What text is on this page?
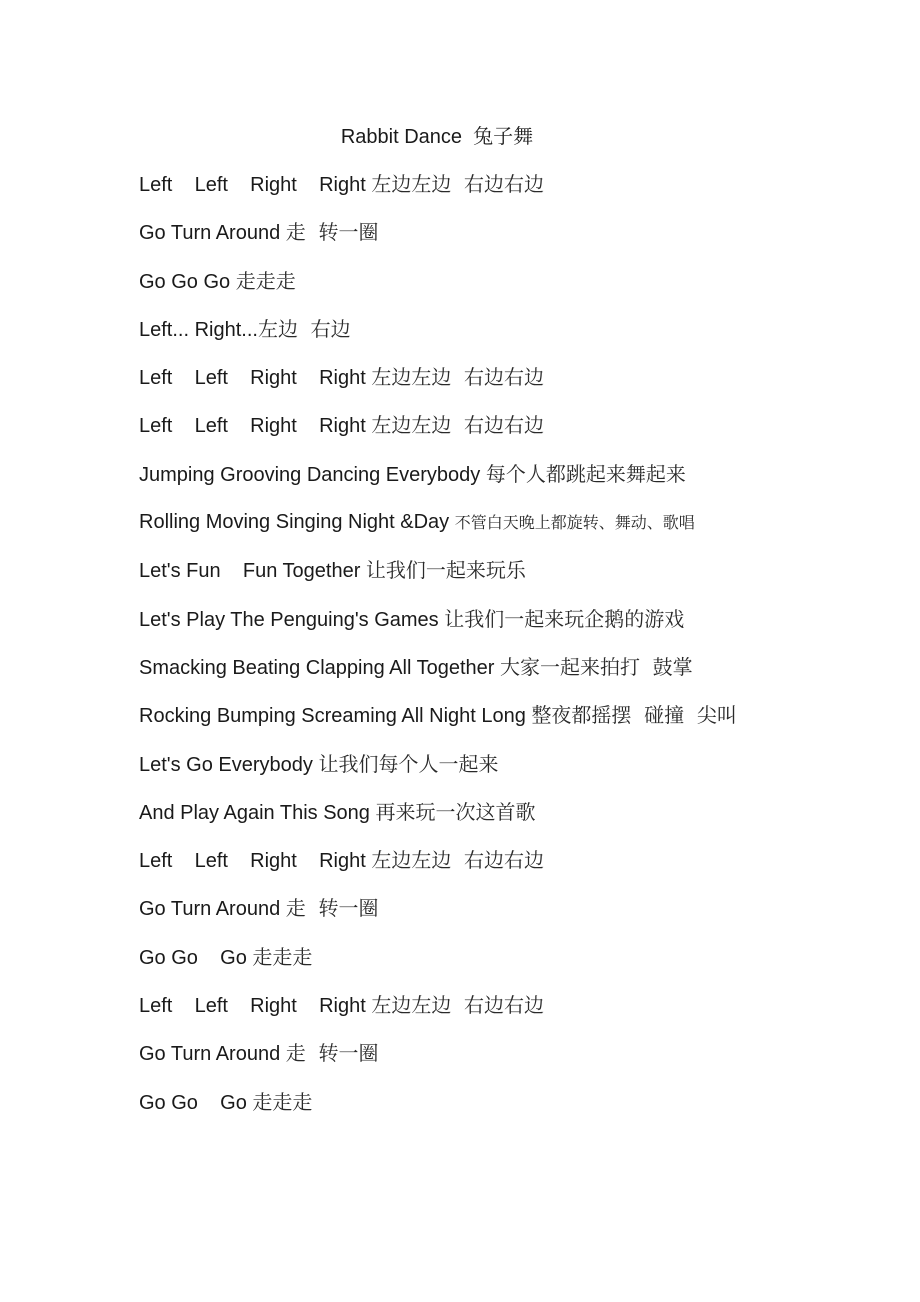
Rabbit Dance 兔子舞
Left    Left    Right    Right 左边左边  右边右边
Go Turn Around 走  转一圈
Go Go Go 走走走
Left... Right...左边  右边
Left    Left    Right    Right 左边左边  右边右边
Left    Left    Right    Right 左边左边  右边右边
Jumping Grooving Dancing Everybody 每个人都跳起来舞起来
Rolling Moving Singing Night &Day 不管白天晚上都旋转、舞动、歌唱
Let's Fun    Fun Together 让我们一起来玩乐
Let's Play The Penguing's Games 让我们一起来玩企鹅的游戏
Smacking Beating Clapping All Together 大家一起来拍打  鼓掌
Rocking Bumping Screaming All Night Long 整夜都摇摆  碰撞  尖叫
Let's Go Everybody 让我们每个人一起来
And Play Again This Song 再来玩一次这首歌
Left    Left    Right    Right 左边左边  右边右边
Go Turn Around 走  转一圈
Go Go    Go 走走走
Left    Left    Right    Right 左边左边  右边右边
Go Turn Around 走  转一圈
Go Go    Go 走走走
